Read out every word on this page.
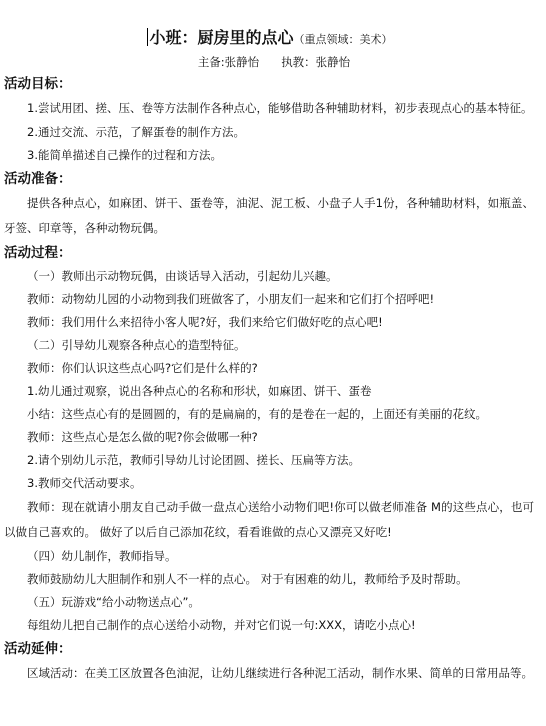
小班：厨房里的点心（重点领域：美术）
主备:张静怡 执教：张静怡
活动目标：

1.尝试用团、搓、压、卷等方法制作各种点心，能够借助各种辅助材料，初步表现点心的基本特征。

2.通过交流、示范，了解蛋卷的制作方法。

3.能简单描述自己操作的过程和方法。

活动准备：

提供各种点心，如麻团、饼干、蛋卷等，油泥、泥工板、小盘子人手1份，各种辅助材料，如瓶盖、牙签、印章等，各种动物玩偶。

活动过程：

（一）教师出示动物玩偶，由谈话导入活动，引起幼儿兴趣。

教师：动物幼儿园的小动物到我们班做客了，小朋友们一起来和它们打个招呼吧!

教师：我们用什么来招待小客人呢?好，我们来给它们做好吃的点心吧!

（二）引导幼儿观察各种点心的造型特征。

教师：你们认识这些点心吗?它们是什么样的?

1.幼儿通过观察，说出各种点心的名称和形状，如麻团、饼干、蛋卷

小结：这些点心有的是圆圆的，有的是扁扁的，有的是卷在一起的，上面还有美丽的花纹。

教师：这些点心是怎么做的呢?你会做哪一种?

2.请个别幼儿示范，教师引导幼儿讨论团圆、搓长、压扁等方法。

3.教师交代活动要求。

教师：现在就请小朋友自己动手做一盘点心送给小动物们吧!你可以做老师准备 M的这些点心，也可以做自己喜欢的。 做好了以后自己添加花纹，看看谁做的点心又漂亮又好吃!

（四）幼儿制作，教师指导。

教师鼓励幼儿大胆制作和别人不一样的点心。 对于有困难的幼儿，教师给予及时帮助。

（五）玩游戏“给小动物送点心”。

每组幼儿把自己制作的点心送给小动物，并对它们说一句:XXX，请吃小点心!

活动延伸：

区域活动：在美工区放置各色油泥，让幼儿继续进行各种泥工活动，制作水果、简单的日常用品等。
